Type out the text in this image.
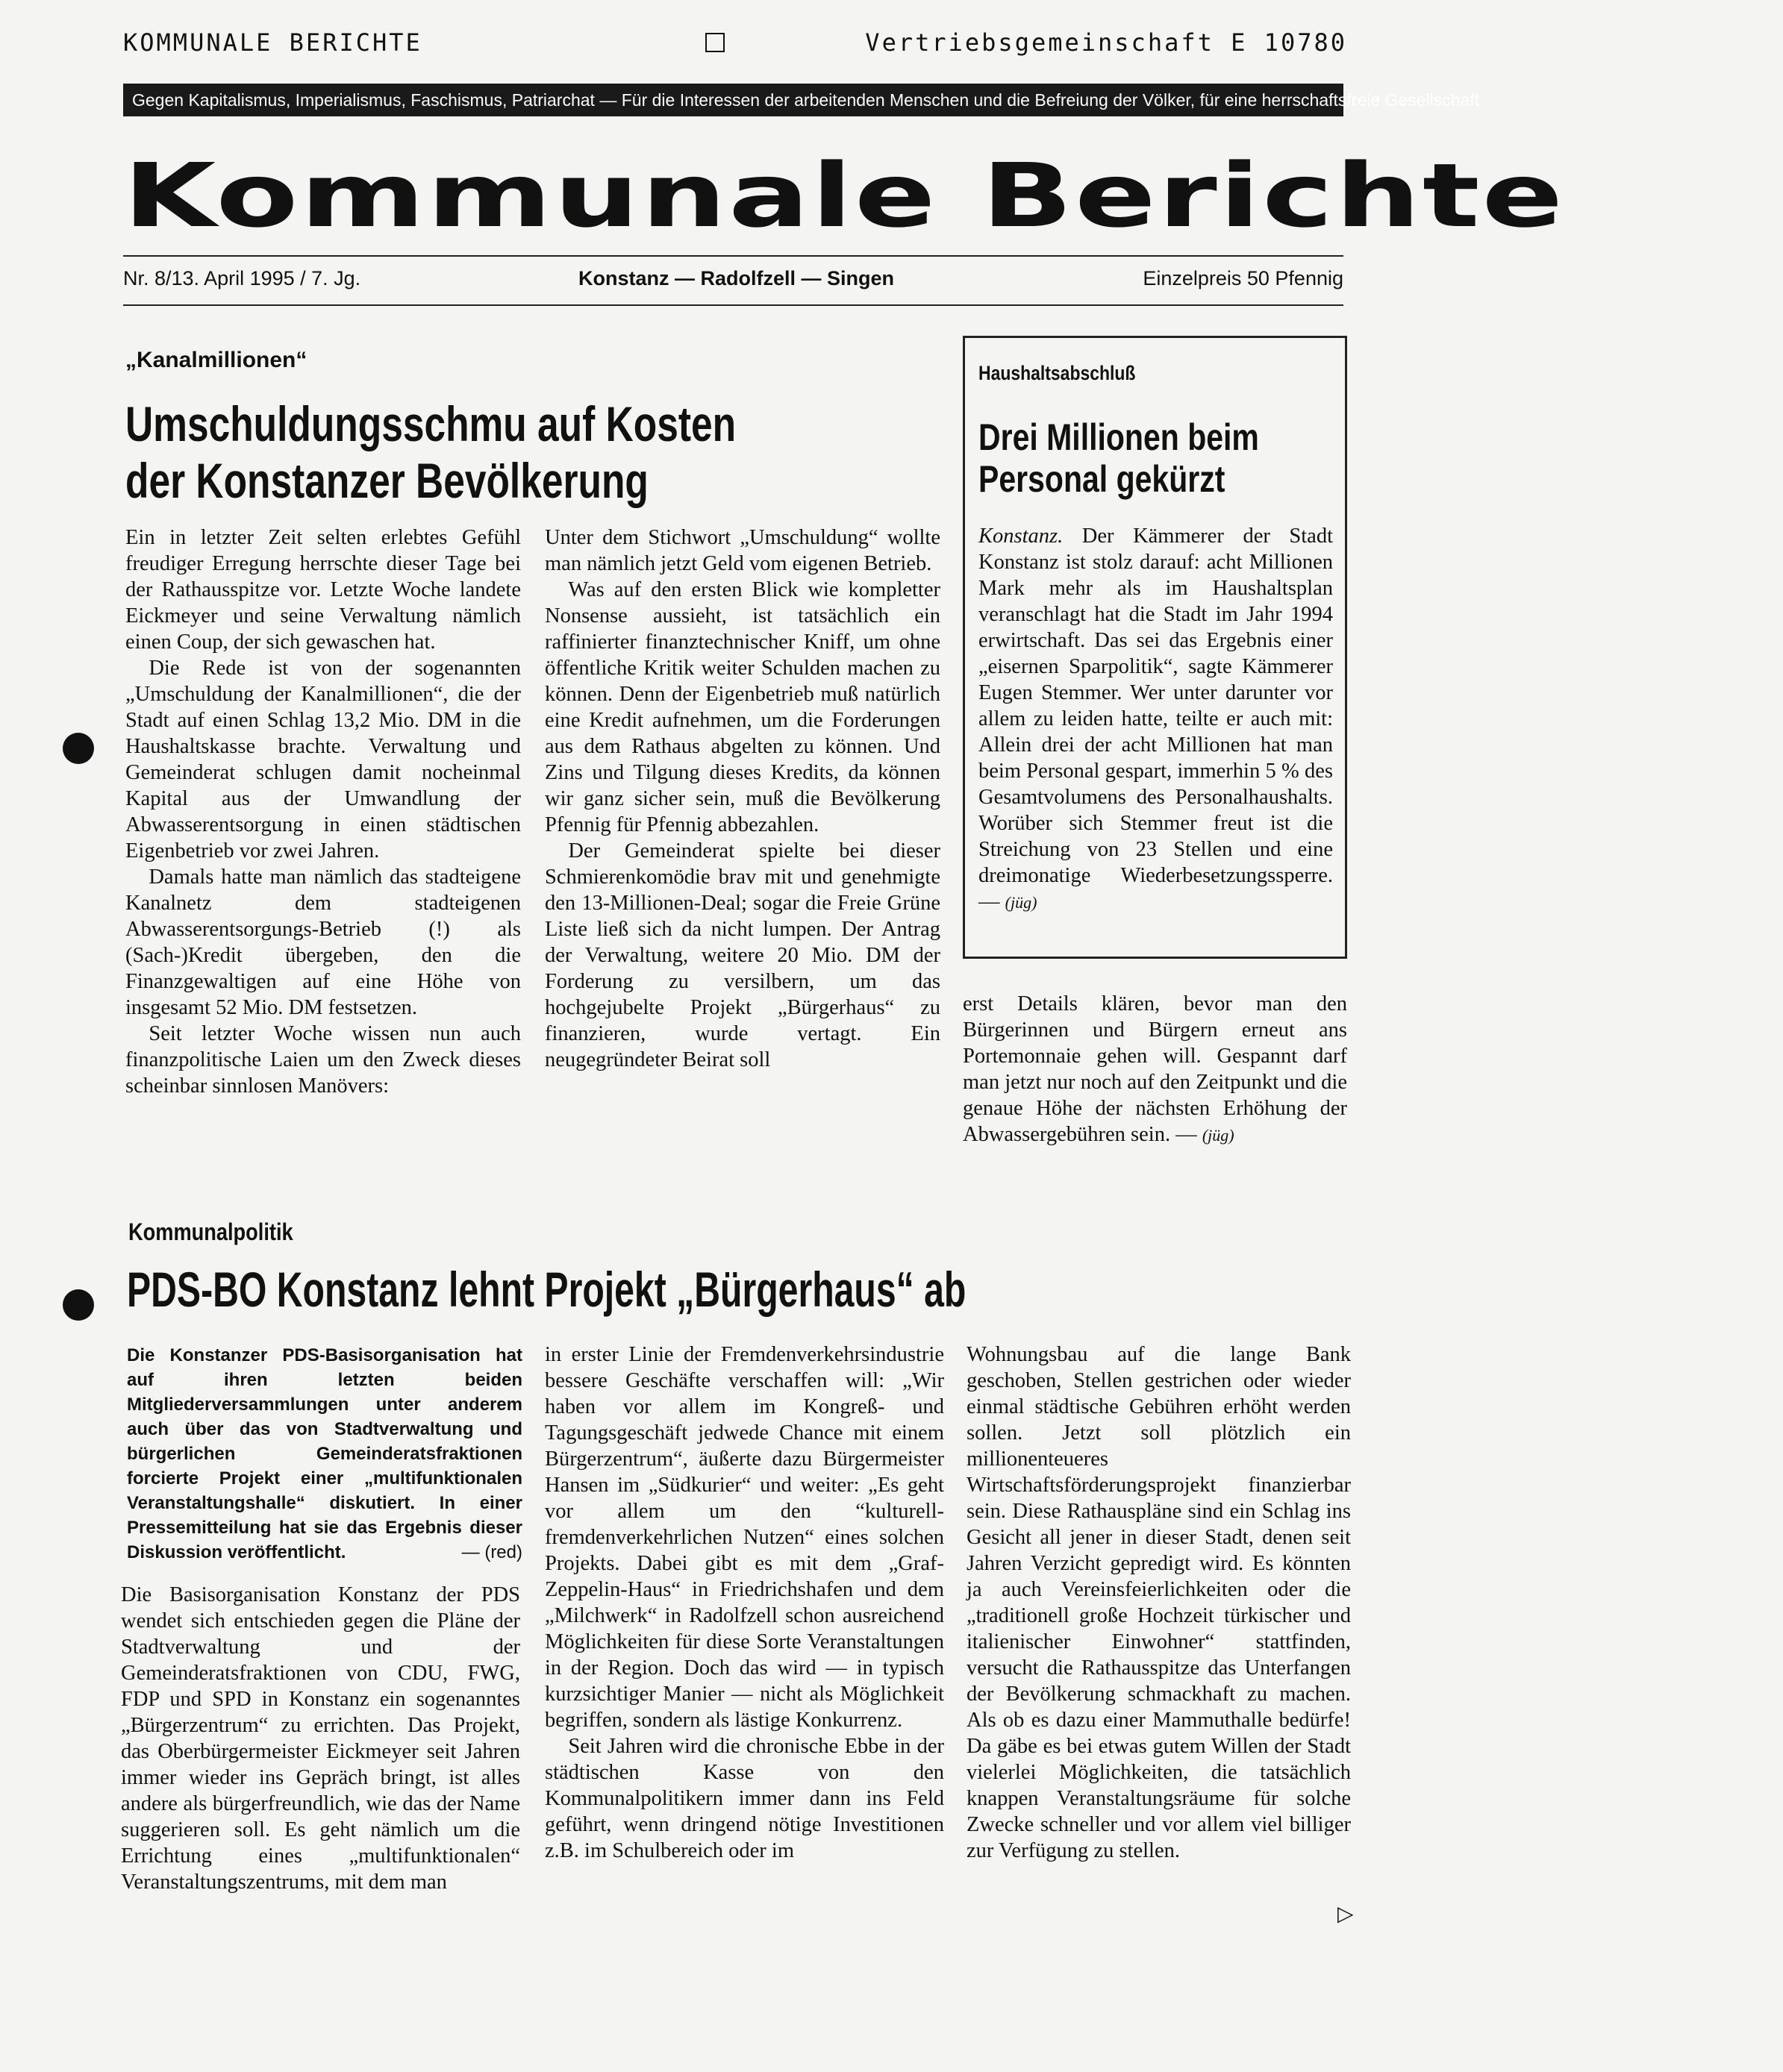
KOMMUNALE BERICHTE	Vertriebsgemeinschaft E 10780
Gegen Kapitalismus, Imperialismus, Faschismus, Patriarchat — Für die Interessen der arbeitenden Menschen und die Befreiung der Völker, für eine herrschaftsfreie Gesellschaft
Kommunale Berichte
Nr. 8/13. April 1995 / 7. Jg.	Konstanz — Radolfzell — Singen	Einzelpreis 50 Pfennig
„Kanalmillionen“
Umschuldungsschmu auf Kosten
der Konstanzer Bevölkerung

Ein in letzter Zeit selten erlebtes Gefühl freudiger Erregung herrschte dieser Tage bei der Rathausspitze vor. Letzte Woche landete Eickmeyer und seine Verwaltung nämlich einen Coup, der sich gewaschen hat.

Die Rede ist von der sogenannten „Umschuldung der Kanalmillionen“, die der Stadt auf einen Schlag 13,2 Mio. DM in die Haushaltskasse brachte. Verwaltung und Gemeinderat schlugen damit nocheinmal Kapital aus der Umwandlung der Abwasserentsorgung in einen städtischen Eigenbetrieb vor zwei Jahren.

Damals hatte man nämlich das stadteigene Kanalnetz dem stadteigenen Abwasserentsorgungs-Betrieb (!) als (Sach-)Kredit übergeben, den die Finanzgewaltigen auf eine Höhe von insgesamt 52 Mio. DM festsetzen.

Seit letzter Woche wissen nun auch finanzpolitische Laien um den Zweck dieses scheinbar sinnlosen Manövers:

Unter dem Stichwort „Umschuldung“ wollte man nämlich jetzt Geld vom eigenen Betrieb.

Was auf den ersten Blick wie kompletter Nonsense aussieht, ist tatsächlich ein raffinierter finanztechnischer Kniff, um ohne öffentliche Kritik weiter Schulden machen zu können. Denn der Eigenbetrieb muß natürlich eine Kredit aufnehmen, um die Forderungen aus dem Rathaus abgelten zu können. Und Zins und Tilgung dieses Kredits, da können wir ganz sicher sein, muß die Bevölkerung Pfennig für Pfennig abbezahlen.

Der Gemeinderat spielte bei dieser Schmierenkomödie brav mit und genehmigte den 13-Millionen-Deal; sogar die Freie Grüne Liste ließ sich da nicht lumpen. Der Antrag der Verwaltung, weitere 20 Mio. DM der Forderung zu versilbern, um das hochgejubelte Projekt „Bürgerhaus“ zu finanzieren, wurde vertagt. Ein neugegründeter Beirat soll

erst Details klären, bevor man den Bürgerinnen und Bürgern erneut ans Portemonnaie gehen will. Gespannt darf man jetzt nur noch auf den Zeitpunkt und die genaue Höhe der nächsten Erhöhung der Abwassergebühren sein. — (jüg)

Haushaltsabschluß
Drei Millionen beim
Personal gekürzt

Konstanz. Der Kämmerer der Stadt Konstanz ist stolz darauf: acht Millionen Mark mehr als im Haushaltsplan veranschlagt hat die Stadt im Jahr 1994 erwirtschaft. Das sei das Ergebnis einer „eisernen Sparpolitik“, sagte Kämmerer Eugen Stemmer. Wer unter darunter vor allem zu leiden hatte, teilte er auch mit: Allein drei der acht Millionen hat man beim Personal gespart, immerhin 5 % des Gesamtvolumens des Personalhaushalts. Worüber sich Stemmer freut ist die Streichung von 23 Stellen und eine dreimonatige Wiederbesetzungssperre. — (jüg)

Kommunalpolitik
PDS-BO Konstanz lehnt Projekt „Bürgerhaus“ ab
Die Konstanzer PDS-Basisorganisation hat auf ihren letzten beiden Mitgliederversammlungen unter anderem auch über das von Stadtverwaltung und bürgerlichen Gemeinderatsfraktionen forcierte Projekt einer „multifunktionalen Veranstaltungshalle“ diskutiert. In einer Pressemitteilung hat sie das Ergebnis dieser Diskussion veröffentlicht.	— (red)

Die Basisorganisation Konstanz der PDS wendet sich entschieden gegen die Pläne der Stadtverwaltung und der Gemeinderatsfraktionen von CDU, FWG, FDP und SPD in Konstanz ein sogenanntes „Bürgerzentrum“ zu errichten. Das Projekt, das Oberbürgermeister Eickmeyer seit Jahren immer wieder ins Gepräch bringt, ist alles andere als bürgerfreundlich, wie das der Name suggerieren soll. Es geht nämlich um die Errichtung eines „multifunktionalen“ Veranstaltungszentrums, mit dem man

in erster Linie der Fremdenverkehrsindustrie bessere Geschäfte verschaffen will: „Wir haben vor allem im Kongreß- und Tagungsgeschäft jedwede Chance mit einem Bürgerzentrum“, äußerte dazu Bürgermeister Hansen im „Südkurier“ und weiter: „Es geht vor allem um den “kulturell-fremdenverkehrlichen Nutzen“ eines solchen Projekts. Dabei gibt es mit dem „Graf-Zeppelin-Haus“ in Friedrichshafen und dem „Milchwerk“ in Radolfzell schon ausreichend Möglichkeiten für diese Sorte Veranstaltungen in der Region. Doch das wird — in typisch kurzsichtiger Manier — nicht als Möglichkeit begriffen, sondern als lästige Konkurrenz.

Seit Jahren wird die chronische Ebbe in der städtischen Kasse von den Kommunalpolitikern immer dann ins Feld geführt, wenn dringend nötige Investitionen z.B. im Schulbereich oder im

Wohnungsbau auf die lange Bank geschoben, Stellen gestrichen oder wieder einmal städtische Gebühren erhöht werden sollen. Jetzt soll plötzlich ein millionenteueres Wirtschaftsförderungsprojekt finanzierbar sein. Diese Rathauspläne sind ein Schlag ins Gesicht all jener in dieser Stadt, denen seit Jahren Verzicht gepredigt wird. Es könnten ja auch Vereinsfeierlichkeiten oder die „traditionell große Hochzeit türkischer und italienischer Einwohner“ stattfinden, versucht die Rathausspitze das Unterfangen der Bevölkerung schmackhaft zu machen. Als ob es dazu einer Mammuthalle bedürfe! Da gäbe es bei etwas gutem Willen der Stadt vielerlei Möglichkeiten, die tatsächlich knappen Veranstaltungsräume für solche Zwecke schneller und vor allem viel billiger zur Verfügung zu stellen.

▷
